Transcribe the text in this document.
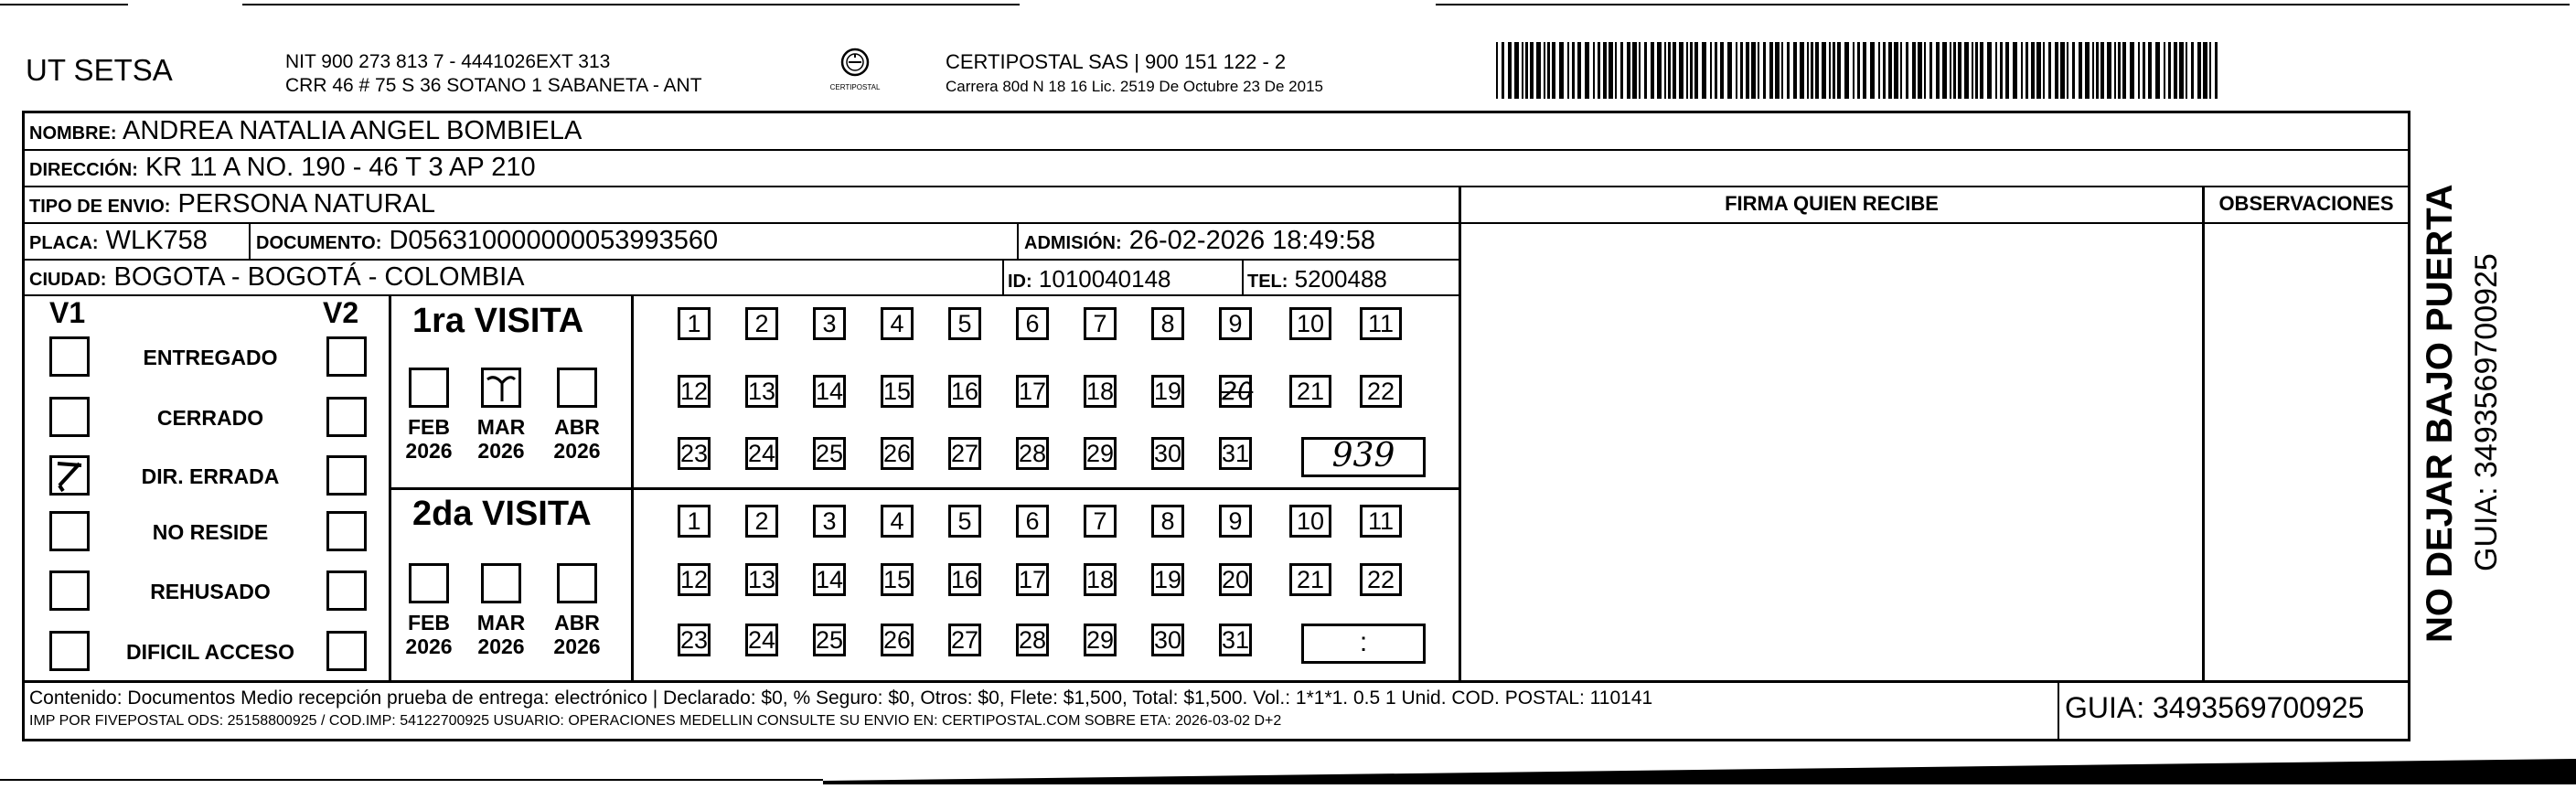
UT SETSA	NIT 900 273 813 7 - 4441026EXT 313
CRR 46 # 75 S 36 SOTANO 1 SABANETA - ANT	CERTIPOSTAL
CERTIPOSTAL SAS | 900 151 122 - 2
Carrera 80d N 18 16 Lic. 2519 De Octubre 23 De 2015
NOMBRE: ANDREA NATALIA ANGEL BOMBIELA
DIRECCIÓN: KR 11 A NO. 190 - 46 T 3 AP 210
TIPO DE ENVIO: PERSONA NATURAL	FIRMA QUIEN RECIBE	OBSERVACIONES
PLACA: WLK758	DOCUMENTO: D056310000000053993560	ADMISIÓN: 26-02-2026 18:49:58
CIUDAD: BOGOTA - BOGOTÁ - COLOMBIA	ID: 1010040148	TEL: 5200488
V1	V2
ENTREGADO
CERRADO
DIR. ERRADA
NO RESIDE
REHUSADO
DIFICIL ACCESO
1ra VISITA
FEB
2026
MAR
2026
ABR
2026
1	2	3	4	5	6	7	8	9	10	11
12 13 14 15 16 17 18 19 20 21 22
23 24 25 26 27 28 29 30 31	939
2da VISITA
FEB
2026
MAR
2026
ABR
2026
1	2	3	4	5	6	7	8	9	10	11
12 13 14 15 16 17 18 19 20 21 22
23 24 25 26 27 28 29 30 31	:
Contenido: Documentos Medio recepción prueba de entrega: electrónico | Declarado: $0, % Seguro: $0, Otros: $0, Flete: $1,500, Total: $1,500. Vol.: 1*1*1. 0.5 1 Unid. COD. POSTAL: 110141
IMP POR FIVEPOSTAL ODS: 25158800925 / COD.IMP: 54122700925 USUARIO: OPERACIONES MEDELLIN CONSULTE SU ENVIO EN: CERTIPOSTAL.COM SOBRE ETA: 2026-03-02 D+2	GUIA: 3493569700925
NO DEJAR BAJO PUERTA GUIA: 3493569700925
